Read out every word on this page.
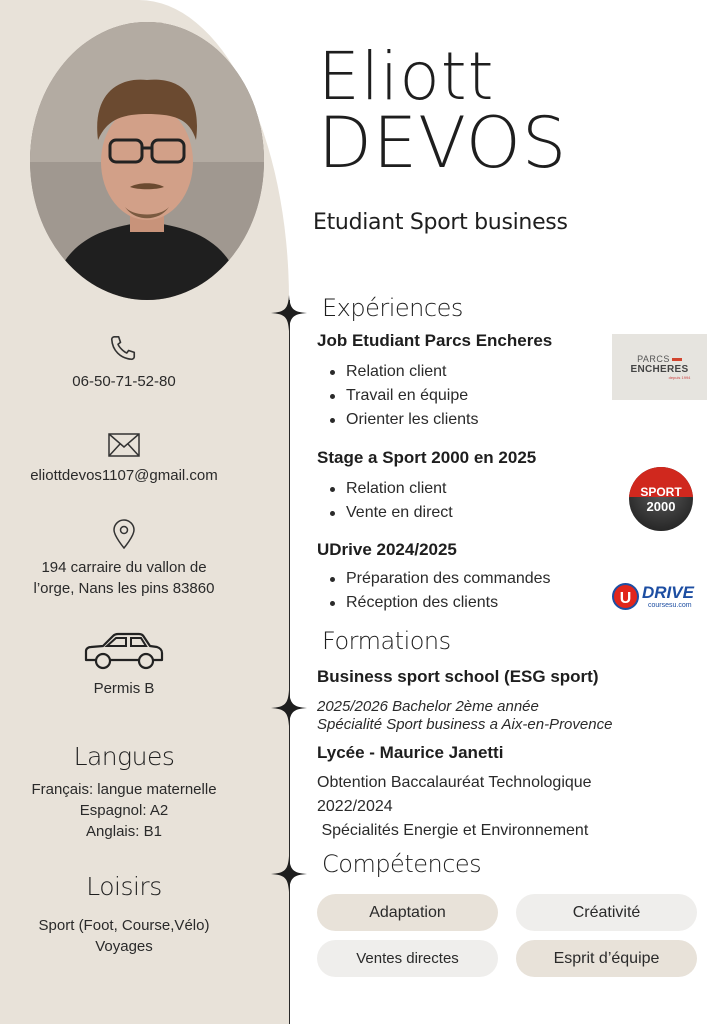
06-50-71-52-80
eliottdevos1107@gmail.com
194 carraire du vallon de
l’orge, Nans les pins 83860
Permis B
Langues
Français: langue maternelle
Espagnol: A2
Anglais: B1
Loisirs
Sport (Foot, Course,Vélo)
Voyages
Eliott
DEVOS
Etudiant Sport business
Expériences
Job Etudiant Parcs Encheres
Relation client
Travail en équipe
Orienter les clients
Stage a Sport 2000 en 2025
Relation client
Vente en direct
UDrive 2024/2025
Préparation des commandes
Réception des clients
PARCS
ENCHERES
depuis 1994
SPORT
2000
U DRIVE
coursesu.com
Formations
Business sport school (ESG sport)
2025/2026 Bachelor 2ème année
Spécialité Sport business a Aix-en-Provence
Lycée - Maurice Janetti
Obtention Baccalauréat Technologique
2022/2024
Spécialités Energie et Environnement
Compétences
Adaptation	Créativité
Ventes directes	Esprit d’équipe
